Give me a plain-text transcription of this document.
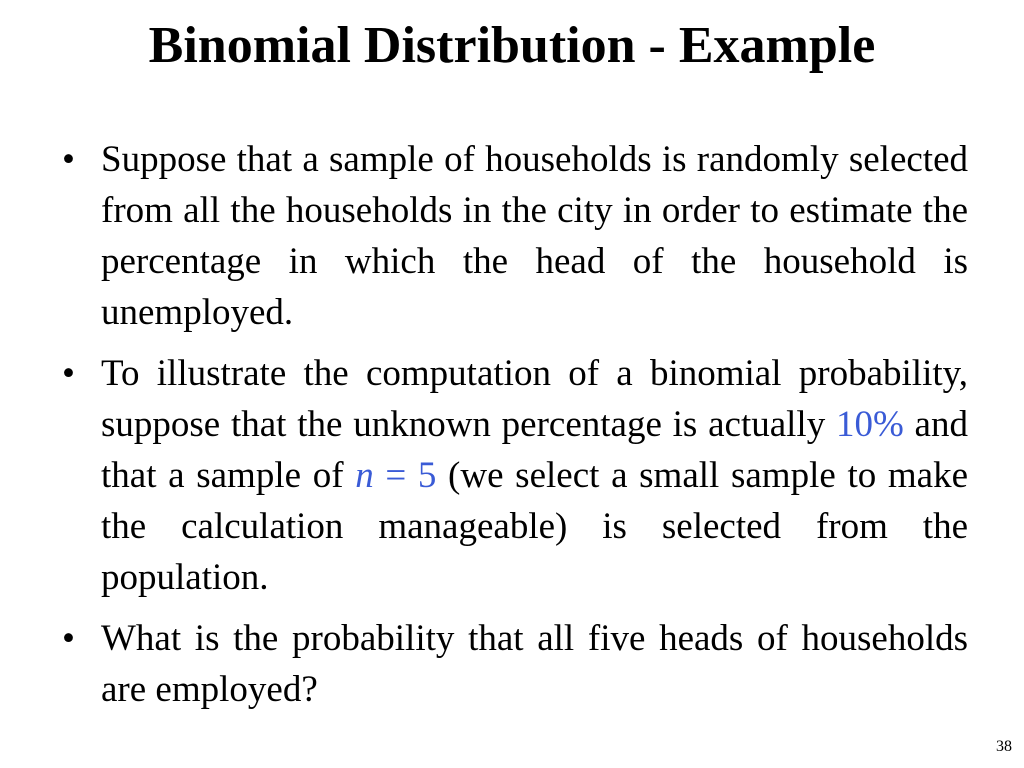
Binomial Distribution - Example
• Suppose that a sample of households is randomly selected from all the households in the city in order to estimate the percentage in which the head of the household is unemployed.
• To illustrate the computation of a binomial probability, suppose that the unknown percentage is actually 10% and that a sample of n = 5 (we select a small sample to make the calculation manageable) is selected from the population.
• What is the probability that all five heads of households are employed?
38
